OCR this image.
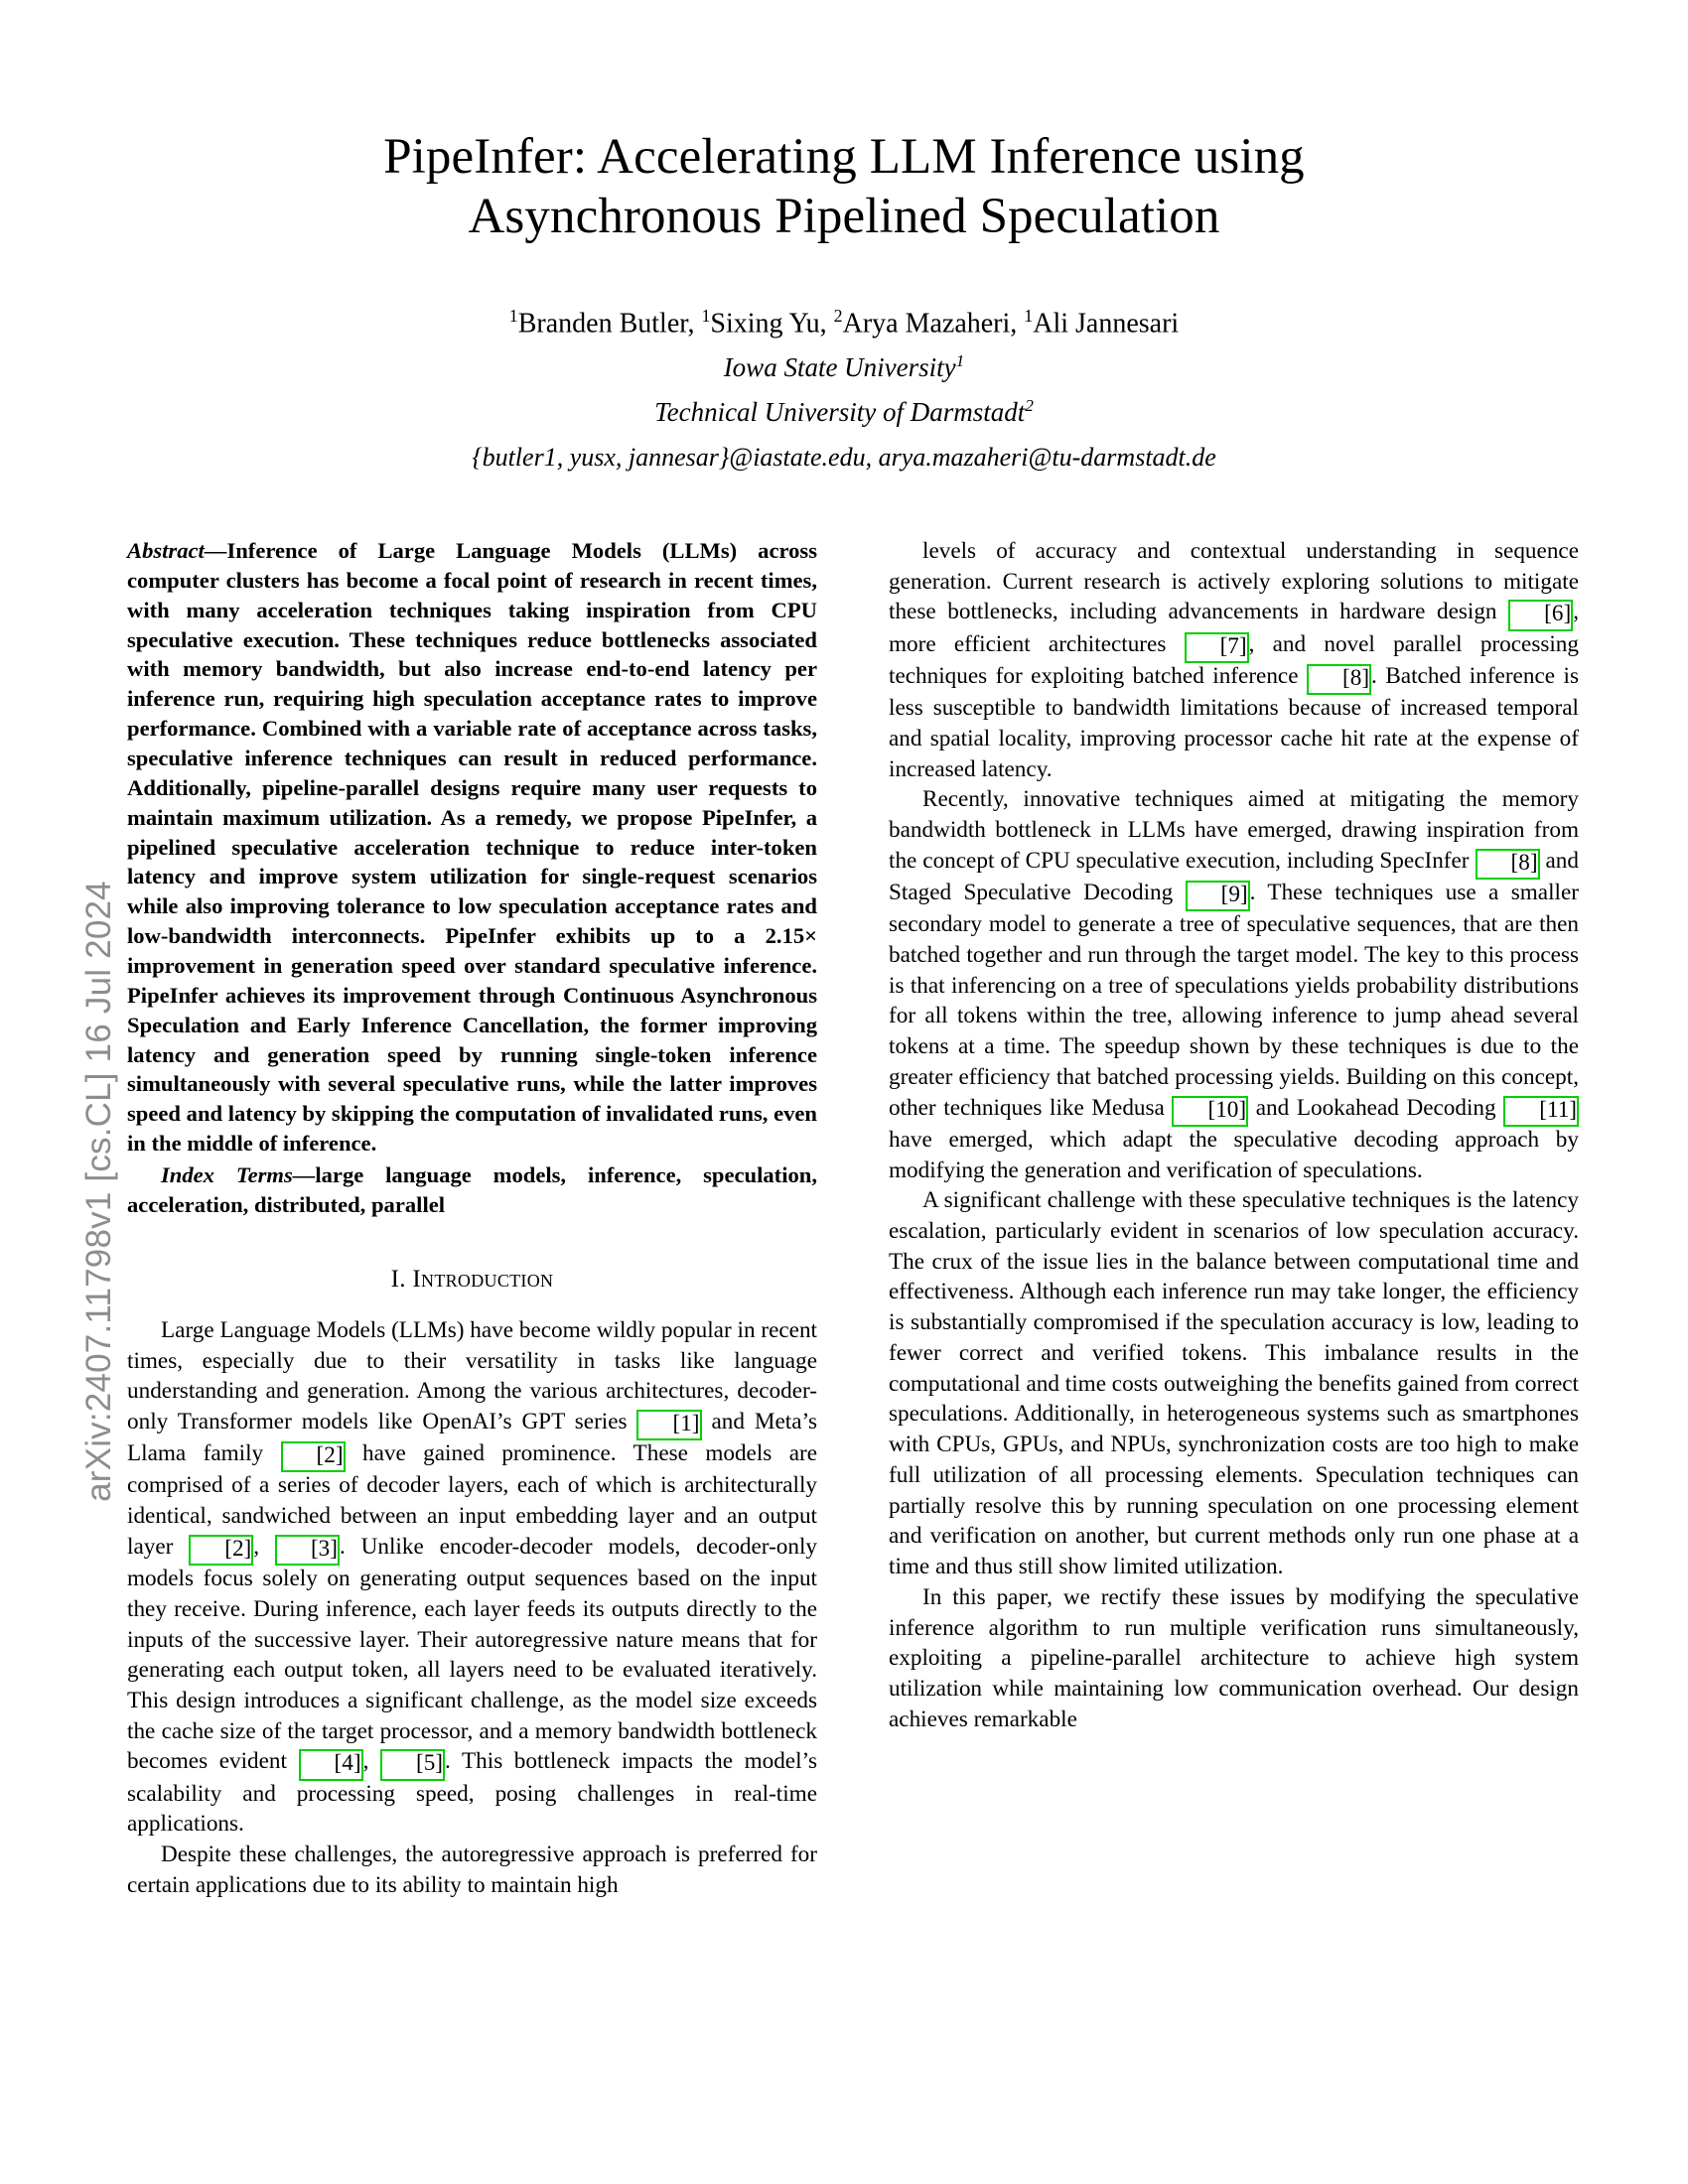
arXiv:2407.11798v1 [cs.CL] 16 Jul 2024
PipeInfer: Accelerating LLM Inference using
Asynchronous Pipelined Speculation
$^1$Branden Butler, $^1$Sixing Yu, $^2$Arya Mazaheri, $^1$Ali Jannesari
Iowa State University$^1$
Technical University of Darmstadt$^2$
{butler1, yusx, jannesar}@iastate.edu, arya.mazaheri@tu-darmstadt.de

Abstract—Inference of Large Language Models (LLMs) across computer clusters has become a focal point of research in recent times, with many acceleration techniques taking inspiration from CPU speculative execution. These techniques reduce bottlenecks associated with memory bandwidth, but also increase end-to-end latency per inference run, requiring high speculation acceptance rates to improve performance. Combined with a variable rate of acceptance across tasks, speculative inference techniques can result in reduced performance. Additionally, pipeline-parallel designs require many user requests to maintain maximum utilization. As a remedy, we propose PipeInfer, a pipelined speculative acceleration technique to reduce inter-token latency and improve system utilization for single-request scenarios while also improving tolerance to low speculation acceptance rates and low-bandwidth interconnects. PipeInfer exhibits up to a 2.15× improvement in generation speed over standard speculative inference. PipeInfer achieves its improvement through Continuous Asynchronous Speculation and Early Inference Cancellation, the former improving latency and generation speed by running single-token inference simultaneously with several speculative runs, while the latter improves speed and latency by skipping the computation of invalidated runs, even in the middle of inference.

Index Terms—large language models, inference, speculation, acceleration, distributed, parallel

I. Introduction

Large Language Models (LLMs) have become wildly popular in recent times, especially due to their versatility in tasks like language understanding and generation. Among the various architectures, decoder-only Transformer models like OpenAI’s GPT series [1] and Meta’s Llama family [2] have gained prominence. These models are comprised of a series of decoder layers, each of which is architecturally identical, sandwiched between an input embedding layer and an output layer [2], [3]. Unlike encoder-decoder models, decoder-only models focus solely on generating output sequences based on the input they receive. During inference, each layer feeds its outputs directly to the inputs of the successive layer. Their autoregressive nature means that for generating each output token, all layers need to be evaluated iteratively. This design introduces a significant challenge, as the model size exceeds the cache size of the target processor, and a memory bandwidth bottleneck becomes evident [4], [5]. This bottleneck impacts the model’s scalability and processing speed, posing challenges in real-time applications.

Despite these challenges, the autoregressive approach is preferred for certain applications due to its ability to maintain high

levels of accuracy and contextual understanding in sequence generation. Current research is actively exploring solutions to mitigate these bottlenecks, including advancements in hardware design [6], more efficient architectures [7], and novel parallel processing techniques for exploiting batched inference [8]. Batched inference is less susceptible to bandwidth limitations because of increased temporal and spatial locality, improving processor cache hit rate at the expense of increased latency.

Recently, innovative techniques aimed at mitigating the memory bandwidth bottleneck in LLMs have emerged, drawing inspiration from the concept of CPU speculative execution, including SpecInfer [8] and Staged Speculative Decoding [9]. These techniques use a smaller secondary model to generate a tree of speculative sequences, that are then batched together and run through the target model. The key to this process is that inferencing on a tree of speculations yields probability distributions for all tokens within the tree, allowing inference to jump ahead several tokens at a time. The speedup shown by these techniques is due to the greater efficiency that batched processing yields. Building on this concept, other techniques like Medusa [10] and Lookahead Decoding [11] have emerged, which adapt the speculative decoding approach by modifying the generation and verification of speculations.

A significant challenge with these speculative techniques is the latency escalation, particularly evident in scenarios of low speculation accuracy. The crux of the issue lies in the balance between computational time and effectiveness. Although each inference run may take longer, the efficiency is substantially compromised if the speculation accuracy is low, leading to fewer correct and verified tokens. This imbalance results in the computational and time costs outweighing the benefits gained from correct speculations. Additionally, in heterogeneous systems such as smartphones with CPUs, GPUs, and NPUs, synchronization costs are too high to make full utilization of all processing elements. Speculation techniques can partially resolve this by running speculation on one processing element and verification on another, but current methods only run one phase at a time and thus still show limited utilization.

In this paper, we rectify these issues by modifying the speculative inference algorithm to run multiple verification runs simultaneously, exploiting a pipeline-parallel architecture to achieve high system utilization while maintaining low communication overhead. Our design achieves remarkable
